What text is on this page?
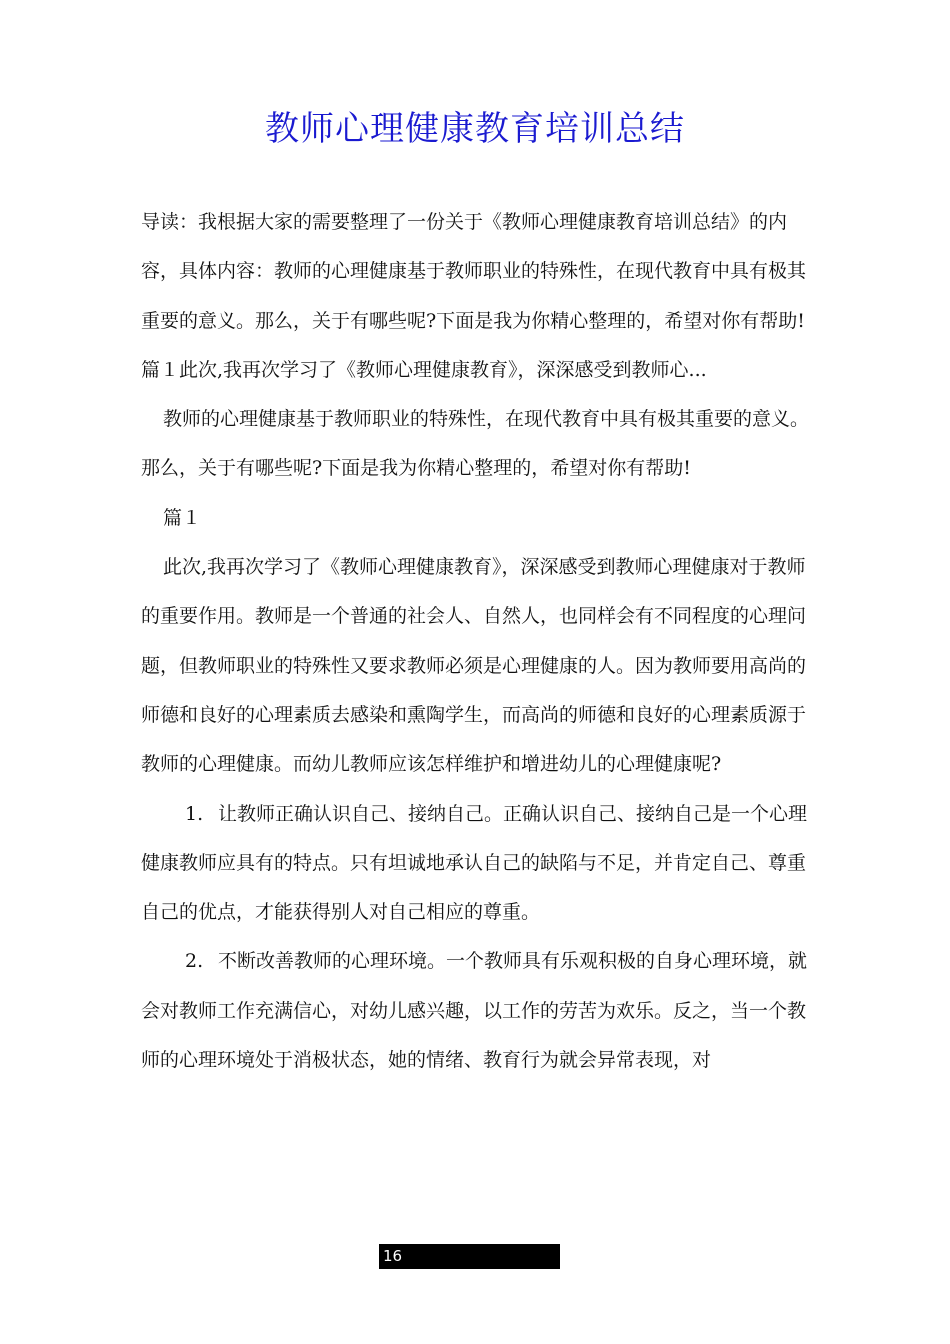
教师心理健康教育培训总结

导读：我根据大家的需要整理了一份关于《教师心理健康教育培训总结》的内容，具体内容：教师的心理健康基于教师职业的特殊性，在现代教育中具有极其重要的意义。那么，关于有哪些呢?下面是我为你精心整理的，希望对你有帮助!篇１此次,我再次学习了《教师心理健康教育》，深深感受到教师心...

教师的心理健康基于教师职业的特殊性，在现代教育中具有极其重要的意义。那么，关于有哪些呢?下面是我为你精心整理的，希望对你有帮助!

篇１

此次,我再次学习了《教师心理健康教育》，深深感受到教师心理健康对于教师的重要作用。教师是一个普通的社会人、自然人，也同样会有不同程度的心理问题，但教师职业的特殊性又要求教师必须是心理健康的人。因为教师要用高尚的师德和良好的心理素质去感染和熏陶学生，而高尚的师德和良好的心理素质源于教师的心理健康。而幼儿教师应该怎样维护和增进幼儿的心理健康呢?

1. 让教师正确认识自己、接纳自己。正确认识自己、接纳自己是一个心理健康教师应具有的特点。只有坦诚地承认自己的缺陷与不足，并肯定自己、尊重自己的优点，才能获得别人对自己相应的尊重。

2. 不断改善教师的心理环境。一个教师具有乐观积极的自身心理环境，就会对教师工作充满信心，对幼儿感兴趣，以工作的劳苦为欢乐。反之，当一个教师的心理环境处于消极状态，她的情绪、教育行为就会异常表现，对

16
